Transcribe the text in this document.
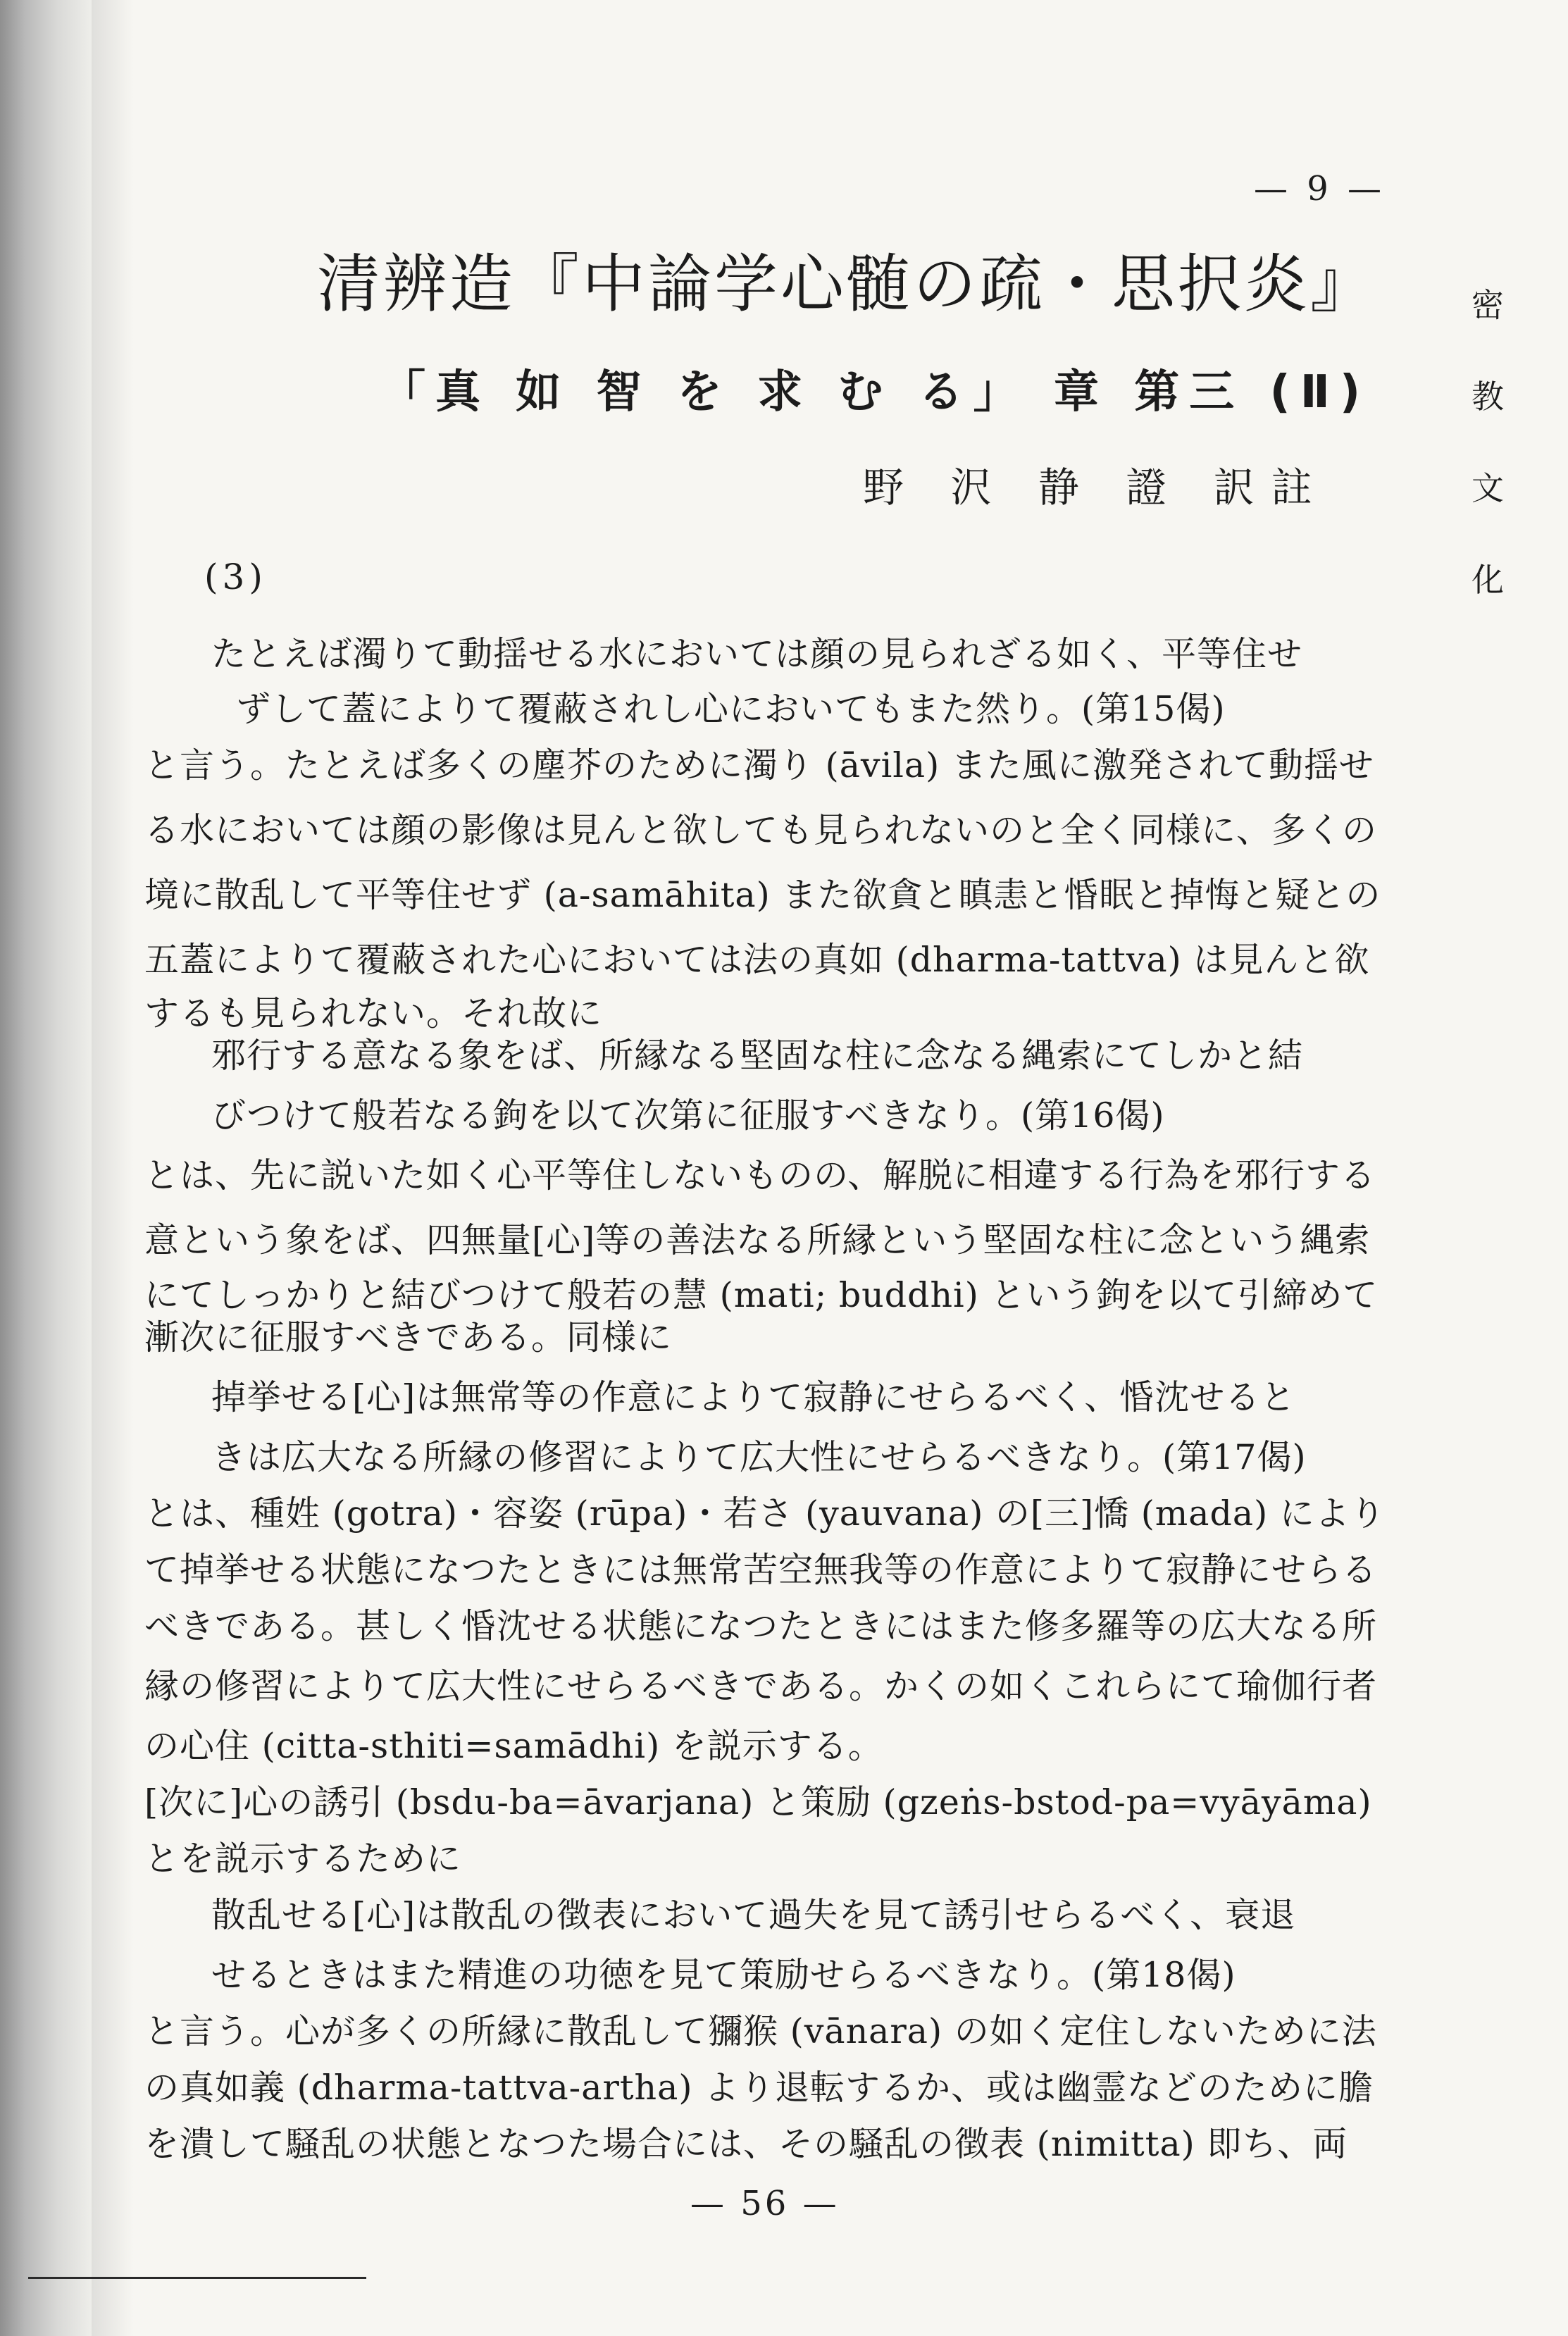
— 9 —
密
教
文
化
清辨造『中論学心髄の疏・思択炎』
「真 如 智 を 求 む る」 章 第三 (Ⅱ)
野 沢 静 證 訳註
(3)
たとえば濁りて動揺せる水においては顔の見られざる如く、平等住せ
ずして蓋によりて覆蔽されし心においてもまた然り。(第15偈)
と言う。たとえば多くの塵芥のために濁り (āvila) また風に激発されて動揺せ
る水においては顔の影像は見んと欲しても見られないのと全く同様に、多くの
境に散乱して平等住せず (a-samāhita) また欲貪と瞋恚と惛眠と掉悔と疑との
五蓋によりて覆蔽された心においては法の真如 (dharma-tattva) は見んと欲
するも見られない。それ故に
邪行する意なる象をば、所縁なる堅固な柱に念なる縄索にてしかと結
びつけて般若なる鉤を以て次第に征服すべきなり。(第16偈)
とは、先に説いた如く心平等住しないものの、解脱に相違する行為を邪行する
意という象をば、四無量[心]等の善法なる所縁という堅固な柱に念という縄索
にてしっかりと結びつけて般若の慧 (mati; buddhi) という鉤を以て引締めて
漸次に征服すべきである。同様に
掉挙せる[心]は無常等の作意によりて寂静にせらるべく、惛沈せると
きは広大なる所縁の修習によりて広大性にせらるべきなり。(第17偈)
とは、種姓 (gotra)・容姿 (rūpa)・若さ (yauvana) の[三]憍 (mada) により
て掉挙せる状態になつたときには無常苦空無我等の作意によりて寂静にせらる
べきである。甚しく惛沈せる状態になつたときにはまた修多羅等の広大なる所
縁の修習によりて広大性にせらるべきである。かくの如くこれらにて瑜伽行者
の心住 (citta-sthiti=samādhi) を説示する。
[次に]心の誘引 (bsdu-ba=āvarjana) と策励 (gzeṅs-bstod-pa=vyāyāma)
とを説示するために
散乱せる[心]は散乱の徴表において過失を見て誘引せらるべく、衰退
せるときはまた精進の功徳を見て策励せらるべきなり。(第18偈)
と言う。心が多くの所縁に散乱して獼猴 (vānara) の如く定住しないために法
の真如義 (dharma-tattva-artha) より退転するか、或は幽霊などのために膽
を潰して騒乱の状態となつた場合には、その騒乱の徴表 (nimitta) 即ち、両
— 56 —
